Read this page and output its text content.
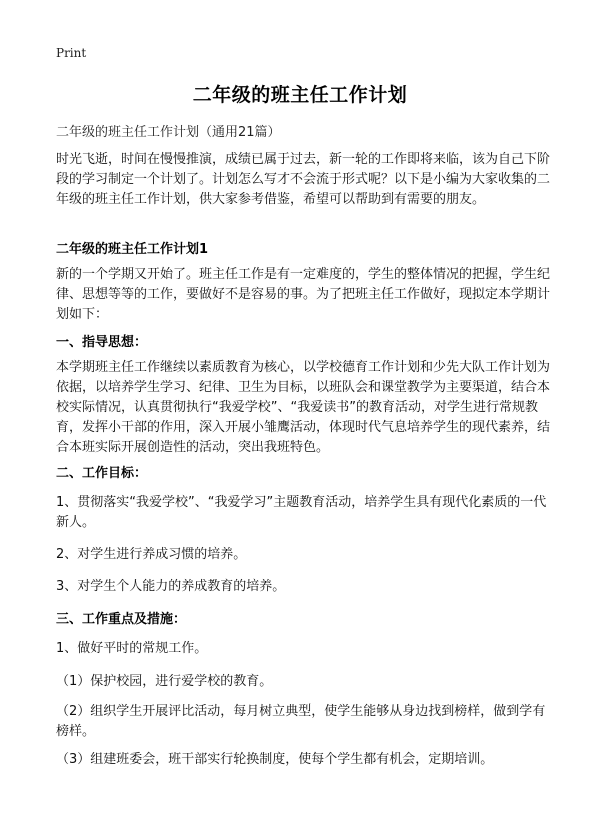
Print
二年级的班主任工作计划
二年级的班主任工作计划（通用21篇）

时光飞逝，时间在慢慢推演，成绩已属于过去，新一轮的工作即将来临，该为自己下阶段的学习制定一个计划了。计划怎么写才不会流于形式呢？以下是小编为大家收集的二年级的班主任工作计划，供大家参考借鉴，希望可以帮助到有需要的朋友。

二年级的班主任工作计划1

新的一个学期又开始了。班主任工作是有一定难度的，学生的整体情况的把握，学生纪律、思想等等的工作，要做好不是容易的事。为了把班主任工作做好，现拟定本学期计划如下：

一、指导思想：

本学期班主任工作继续以素质教育为核心，以学校德育工作计划和少先大队工作计划为依据，以培养学生学习、纪律、卫生为目标，以班队会和课堂教学为主要渠道，结合本校实际情况，认真贯彻执行“我爱学校”、“我爱读书”的教育活动，对学生进行常规教育，发挥小干部的作用，深入开展小雏鹰活动，体现时代气息培养学生的现代素养，结合本班实际开展创造性的活动，突出我班特色。

二、工作目标：

1、贯彻落实“我爱学校”、“我爱学习”主题教育活动，培养学生具有现代化素质的一代新人。

2、对学生进行养成习惯的培养。

3、对学生个人能力的养成教育的培养。

三、工作重点及措施：

1、做好平时的常规工作。

（1）保护校园，进行爱学校的教育。

（2）组织学生开展评比活动，每月树立典型，使学生能够从身边找到榜样，做到学有榜样。

（3）组建班委会，班干部实行轮换制度，使每个学生都有机会，定期培训。
